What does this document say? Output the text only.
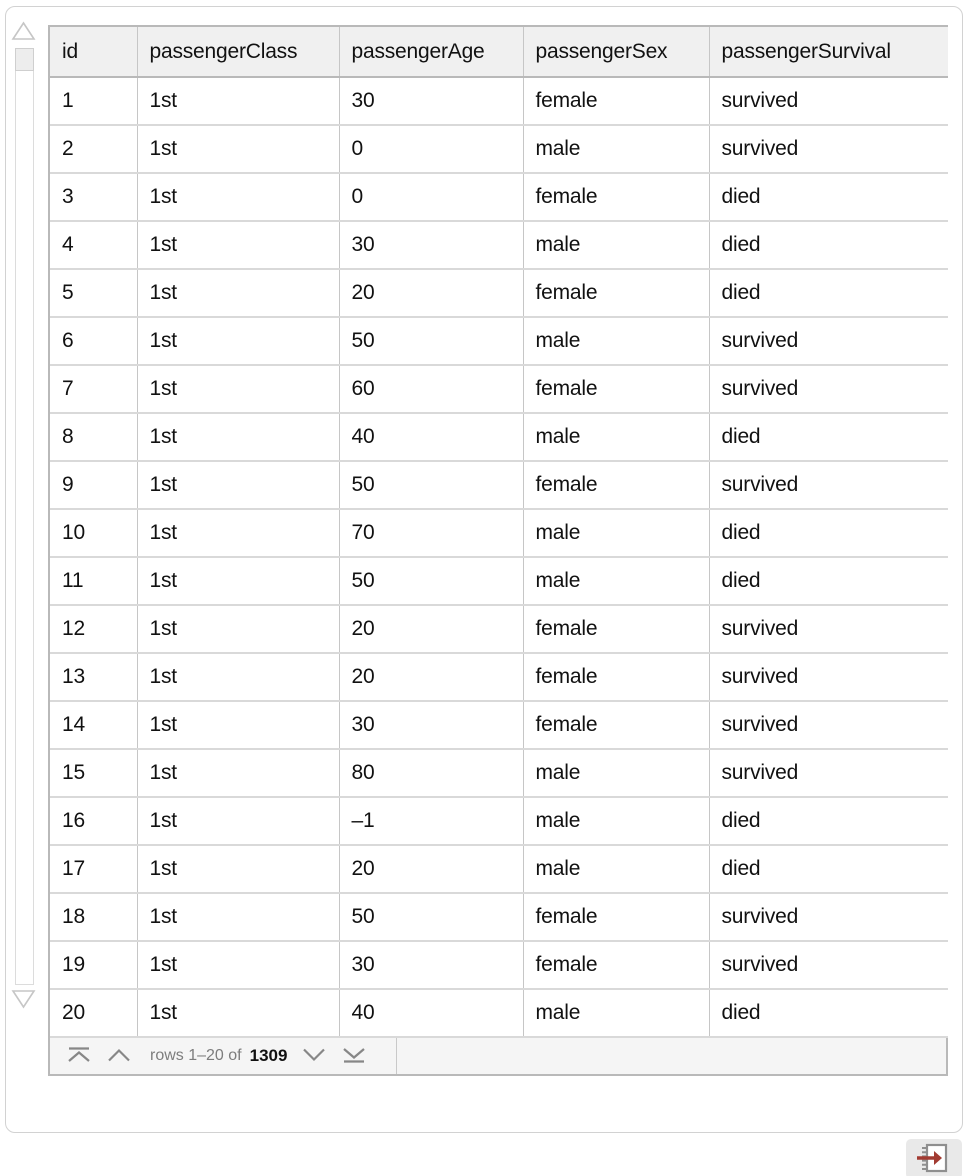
id	passengerClass	passengerAge	passengerSex	passengerSurvival
1	1st	30	female	survived
2	1st	0	male	survived
3	1st	0	female	died
4	1st	30	male	died
5	1st	20	female	died
6	1st	50	male	survived
7	1st	60	female	survived
8	1st	40	male	died
9	1st	50	female	survived
10	1st	70	male	died
11	1st	50	male	died
12	1st	20	female	survived
13	1st	20	female	survived
14	1st	30	female	survived
15	1st	80	male	survived
16	1st	–1	male	died
17	1st	20	male	died
18	1st	50	female	survived
19	1st	30	female	survived
20	1st	40	male	died
rows 1–20 of 1309
